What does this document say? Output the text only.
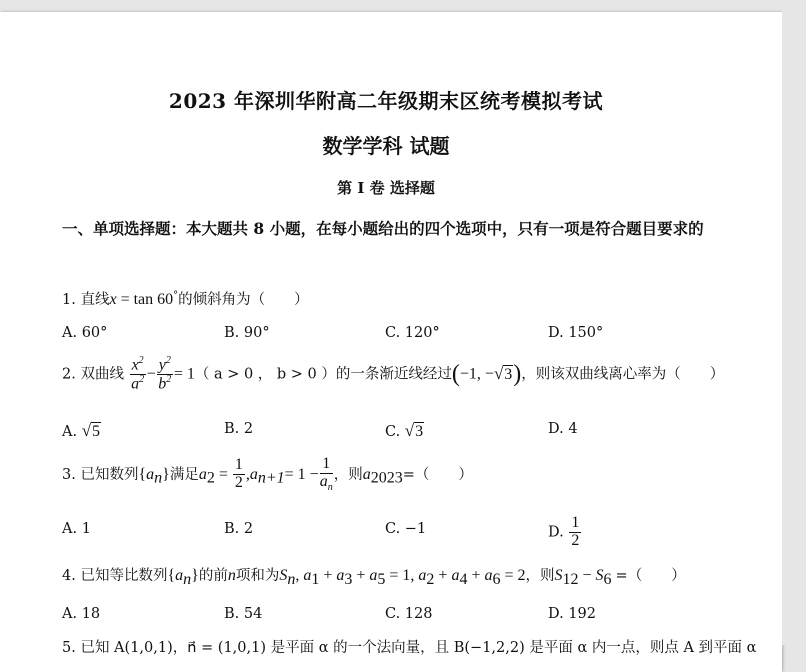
2023 年深圳华附高二年级期末区统考模拟考试
数学学科 试题
第 I 卷 选择题
一、单项选择题：本大题共 8 小题，在每小题给出的四个选项中，只有一项是符合题目要求的
1. 直线x = tan 60°的倾斜角为（　　）
A. 60°	B. 90°	C. 120°	D. 150°
2. 双曲线 $\frac{x^2}{a^2} - \frac{y^2}{b^2} = 1$（ a > 0 ， b > 0 ）的一条渐近线经过(−1, −√3)，则该双曲线离心率为（　　）
A. √5	B. 2	C. √3	D. 4
3. 已知数列$\{a_n\}$满足$a_2 = \frac{1}{2} ,a_{n+1}= 1 - \frac{1}{a_n}$ ，则$a_{2023}=$（　　）
A. 1	B. 2	C. −1	D. $\frac{1}{2}$
4. 已知等比数列$\{a_n\}$的前n项和为$S_n$, $a_1 + a_3 + a_5 = 1$, $a_2 + a_4 + a_6 = 2$，则$S_{12} - S_6$ =（　　）
A. 18	B. 54	C. 128	D. 192
5. 已知 A(1,0,1)，n⃗ = (1,0,1) 是平面 α 的一个法向量，且 B(−1,2,2) 是平面 α 内一点，则点 A 到平面 α
